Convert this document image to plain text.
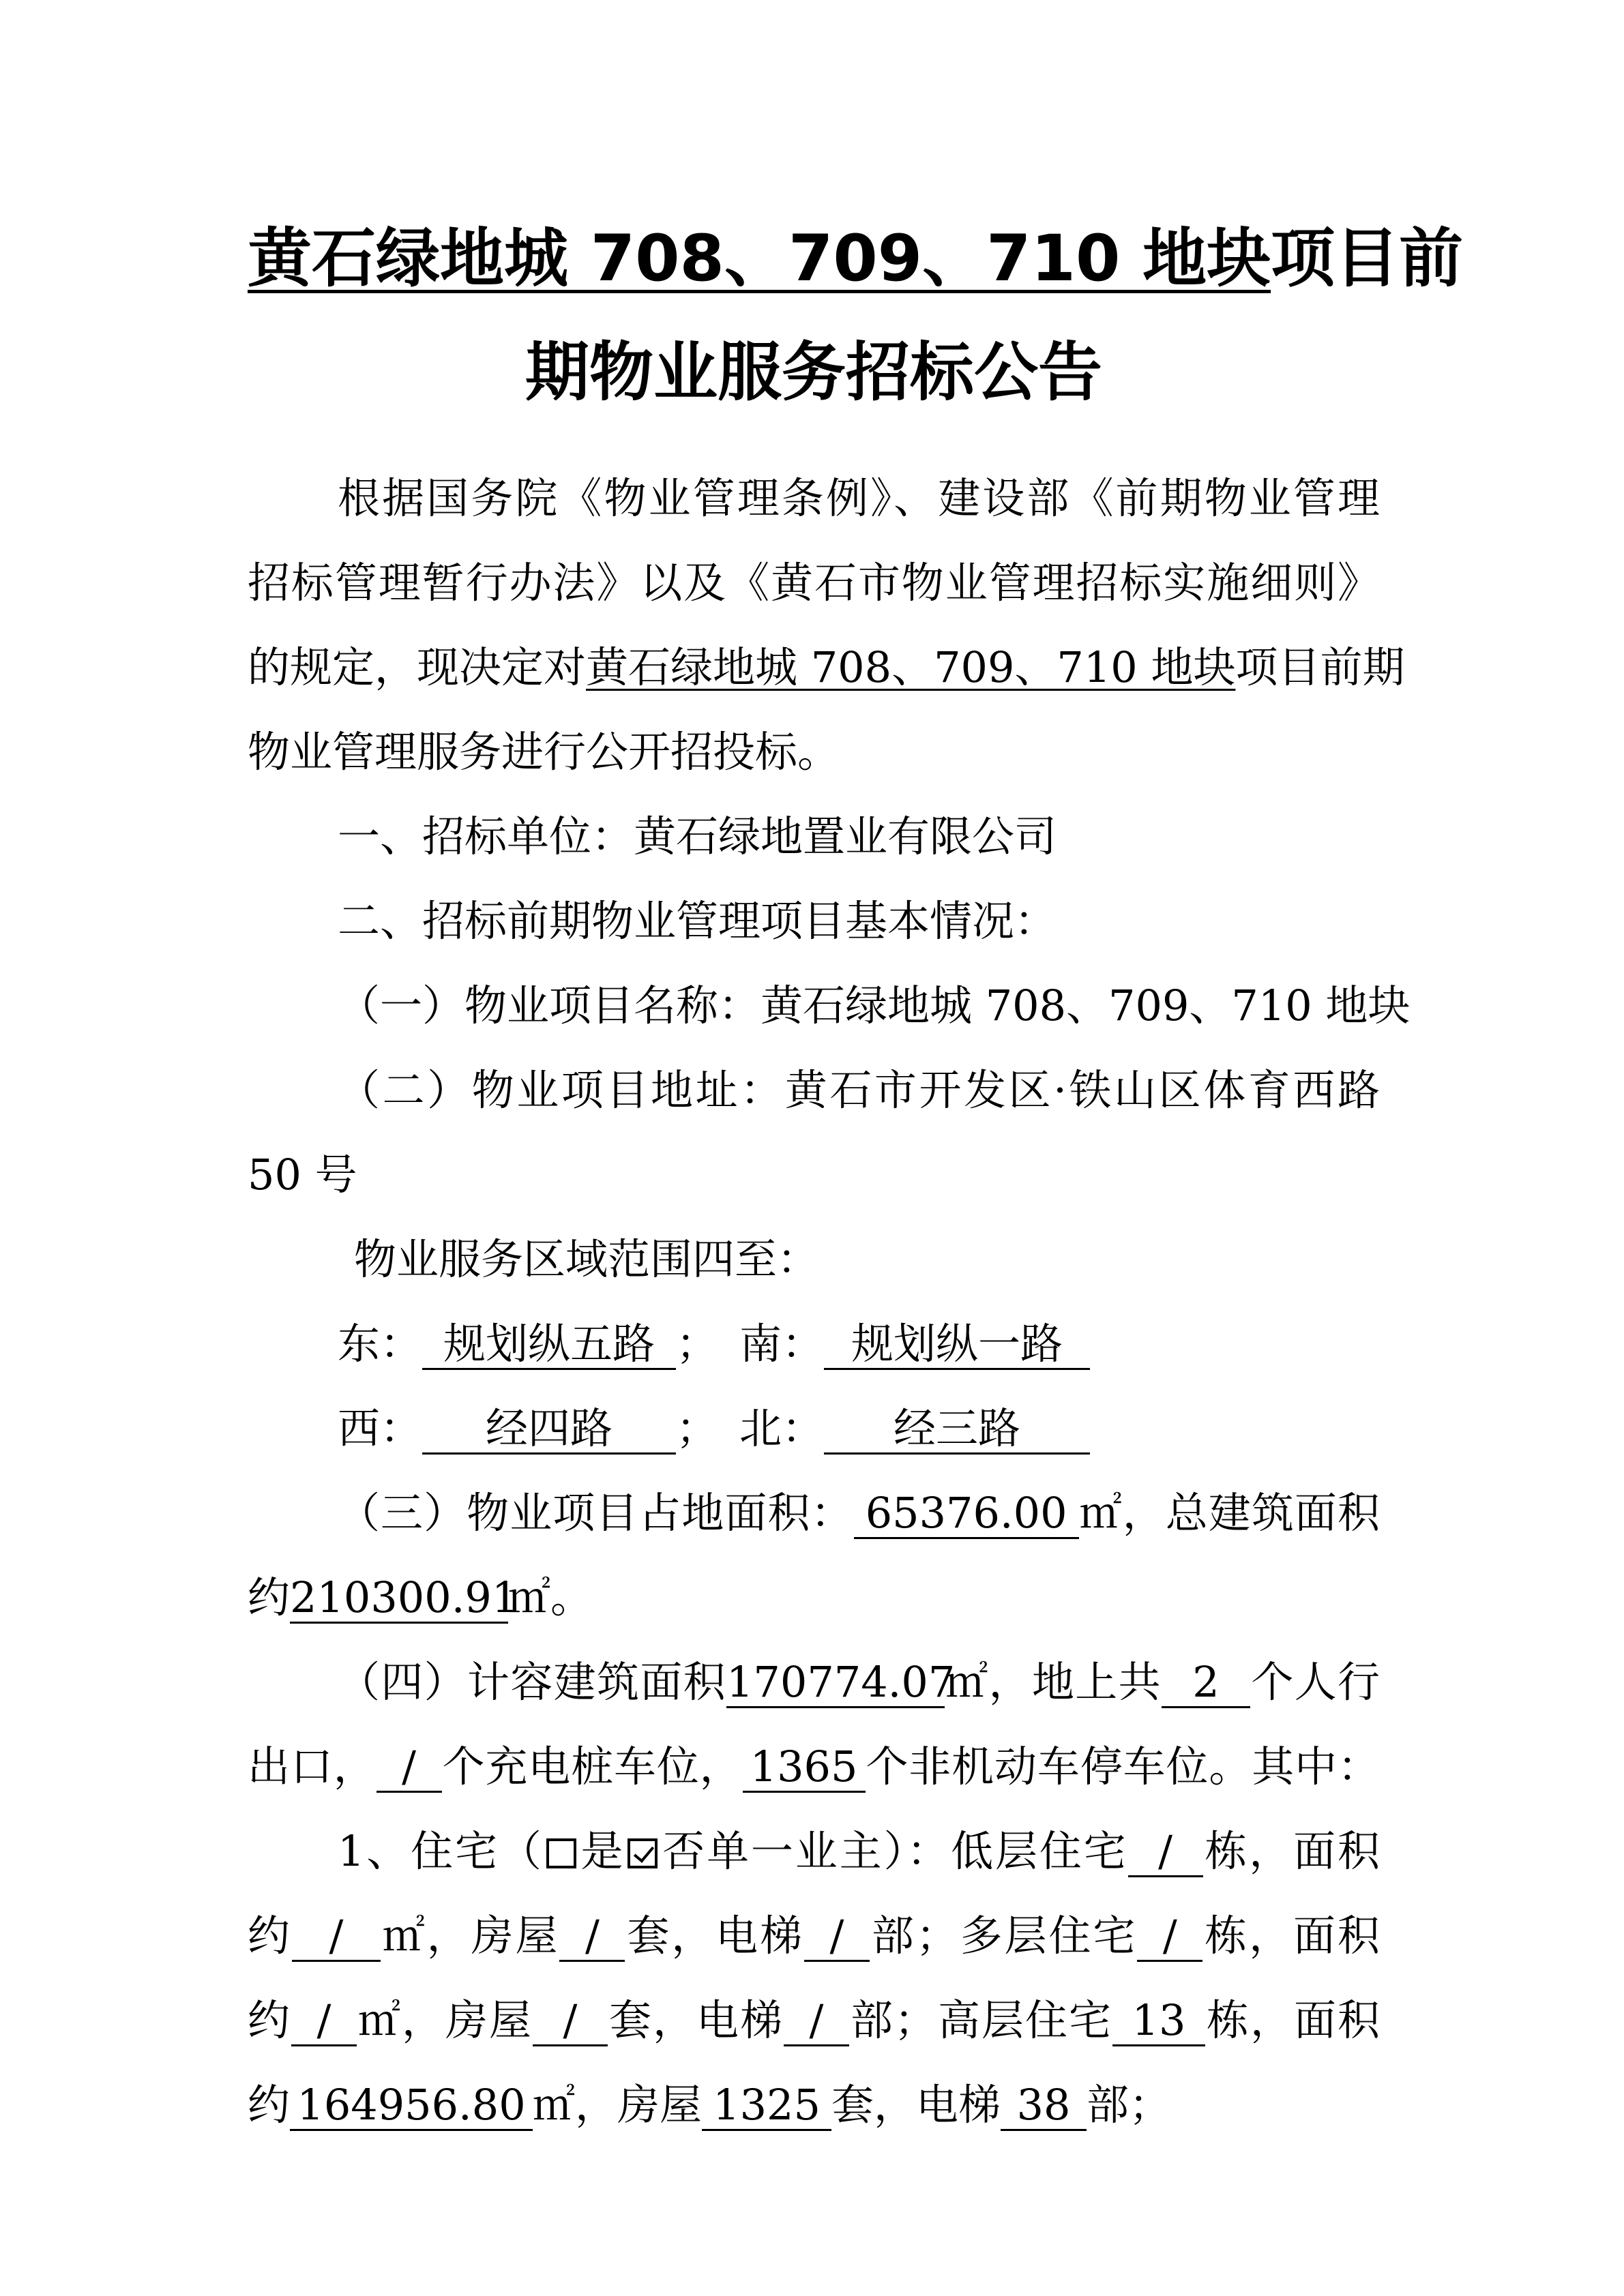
黄石绿地城 708、709、710 地块项目前
期物业服务招标公告
根据国务院《物业管理条例》、建设部《前期物业管理
招标管理暂行办法》以及《黄石市物业管理招标实施细则》
的规定，现决定对黄石绿地城 708、709、710 地块项目前期
物业管理服务进行公开招投标。
一、招标单位：黄石绿地置业有限公司
二、招标前期物业管理项目基本情况：
（一）物业项目名称：黄石绿地城 708、709、710 地块
（二）物业项目地址：黄石市开发区·铁山区体育西路
50 号
物业服务区域范围四至：
东： 规划纵五路 ；　 南： 规划纵一路
西： 经四路 ；　 北： 经三路
（三）物业项目占地面积： 65376.00 ㎡，总建筑面积
约210300.91㎡。
（四）计容建筑面积170774.07㎡，地上共 2 个人行
出口， / 个充电桩车位， 1365 个非机动车停车位。其中：
1、住宅（ 是 否单一业主）：低层住宅 / 栋，面积
约 / ㎡，房屋 / 套，电梯 / 部；多层住宅 / 栋，面积
约 / ㎡，房屋 / 套，电梯 / 部；高层住宅 13 栋，面积
约 164956.80 ㎡，房屋 1325 套，电梯 38 部；
